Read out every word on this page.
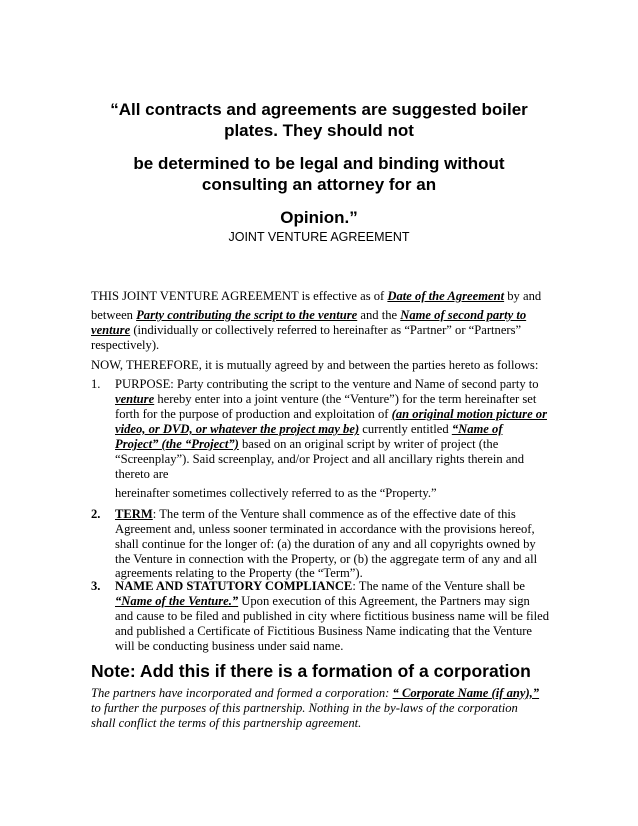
“All contracts and agreements are suggested boiler
plates. They should not
be determined to be legal and binding without
consulting an attorney for an
Opinion.”
JOINT VENTURE AGREEMENT
THIS JOINT VENTURE AGREEMENT is effective as of Date of the Agreement by and
between Party contributing the script to the venture and the Name of second party to
venture (individually or collectively referred to hereinafter as “Partner” or “Partners”
respectively).
NOW, THEREFORE, it is mutually agreed by and between the parties hereto as follows:
1. PURPOSE: Party contributing the script to the venture and Name of second party to
venture hereby enter into a joint venture (the “Venture”) for the term hereinafter set
forth for the purpose of production and exploitation of (an original motion picture or
video, or DVD, or whatever the project may be) currently entitled “Name of
Project” (the “Project”) based on an original script by writer of project (the
“Screenplay”). Said screenplay, and/or Project and all ancillary rights therein and
thereto are
hereinafter sometimes collectively referred to as the “Property.”
2. TERM: The term of the Venture shall commence as of the effective date of this
Agreement and, unless sooner terminated in accordance with the provisions hereof,
shall continue for the longer of: (a) the duration of any and all copyrights owned by
the Venture in connection with the Property, or (b) the aggregate term of any and all
agreements relating to the Property (the “Term”).
3. NAME AND STATUTORY COMPLIANCE: The name of the Venture shall be
“Name of the Venture.” Upon execution of this Agreement, the Partners may sign
and cause to be filed and published in city where fictitious business name will be filed
and published a Certificate of Fictitious Business Name indicating that the Venture
will be conducting business under said name.
Note: Add this if there is a formation of a corporation
The partners have incorporated and formed a corporation: “ Corporate Name (if any),”
to further the purposes of this partnership. Nothing in the by-laws of the corporation
shall conflict the terms of this partnership agreement.
